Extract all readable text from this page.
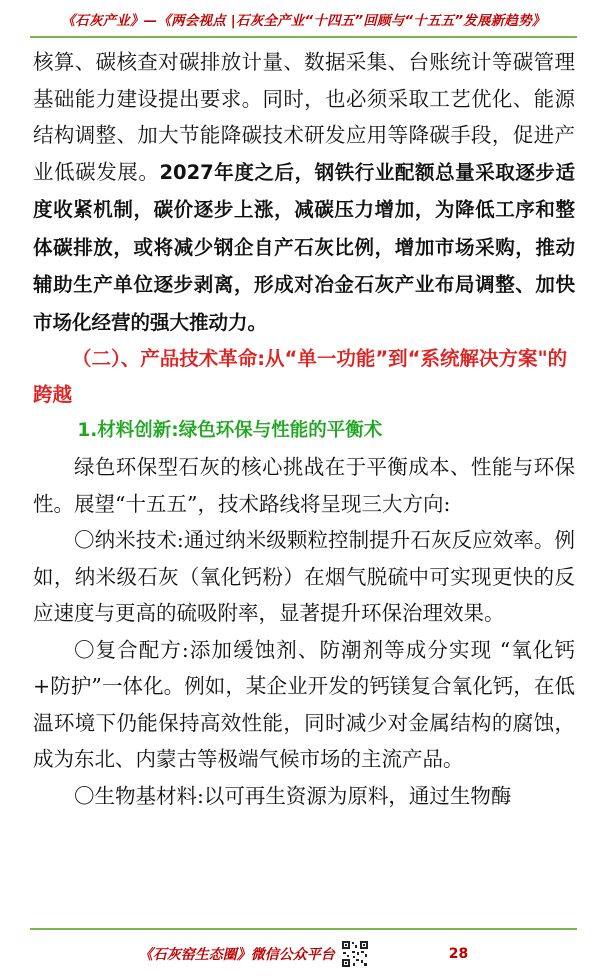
《石灰产业》—《两会视点 |石灰全产业“十四五”回顾与“十五五”发展新趋势》

核算、碳核查对碳排放计量、数据采集、台账统计等碳管理基础能力建设提出要求。同时，也必须采取工艺优化、能源结构调整、加大节能降碳技术研发应用等降碳手段，促进产业低碳发展。2027年度之后，钢铁行业配额总量采取逐步适度收紧机制，碳价逐步上涨，减碳压力增加，为降低工序和整体碳排放，或将减少钢企自产石灰比例，增加市场采购，推动辅助生产单位逐步剥离，形成对冶金石灰产业布局调整、加快市场化经营的强大推动力。

（二）、产品技术革命:从“单一功能”到“系统解决方案"的跨越

1.材料创新:绿色环保与性能的平衡术

绿色环保型石灰的核心挑战在于平衡成本、性能与环保性。展望“十五五”，技术路线将呈现三大方向:

〇纳米技术:通过纳米级颗粒控制提升石灰反应效率。例如，纳米级石灰（氧化钙粉）在烟气脱硫中可实现更快的反应速度与更高的硫吸附率，显著提升环保治理效果。

〇复合配方:添加缓蚀剂、防潮剂等成分实现 “氧化钙+防护”一体化。例如，某企业开发的钙镁复合氧化钙，在低温环境下仍能保持高效性能，同时减少对金属结构的腐蚀，成为东北、内蒙古等极端气候市场的主流产品。

〇生物基材料:以可再生资源为原料，通过生物酶

《石灰窑生态圈》微信公众平台	28
